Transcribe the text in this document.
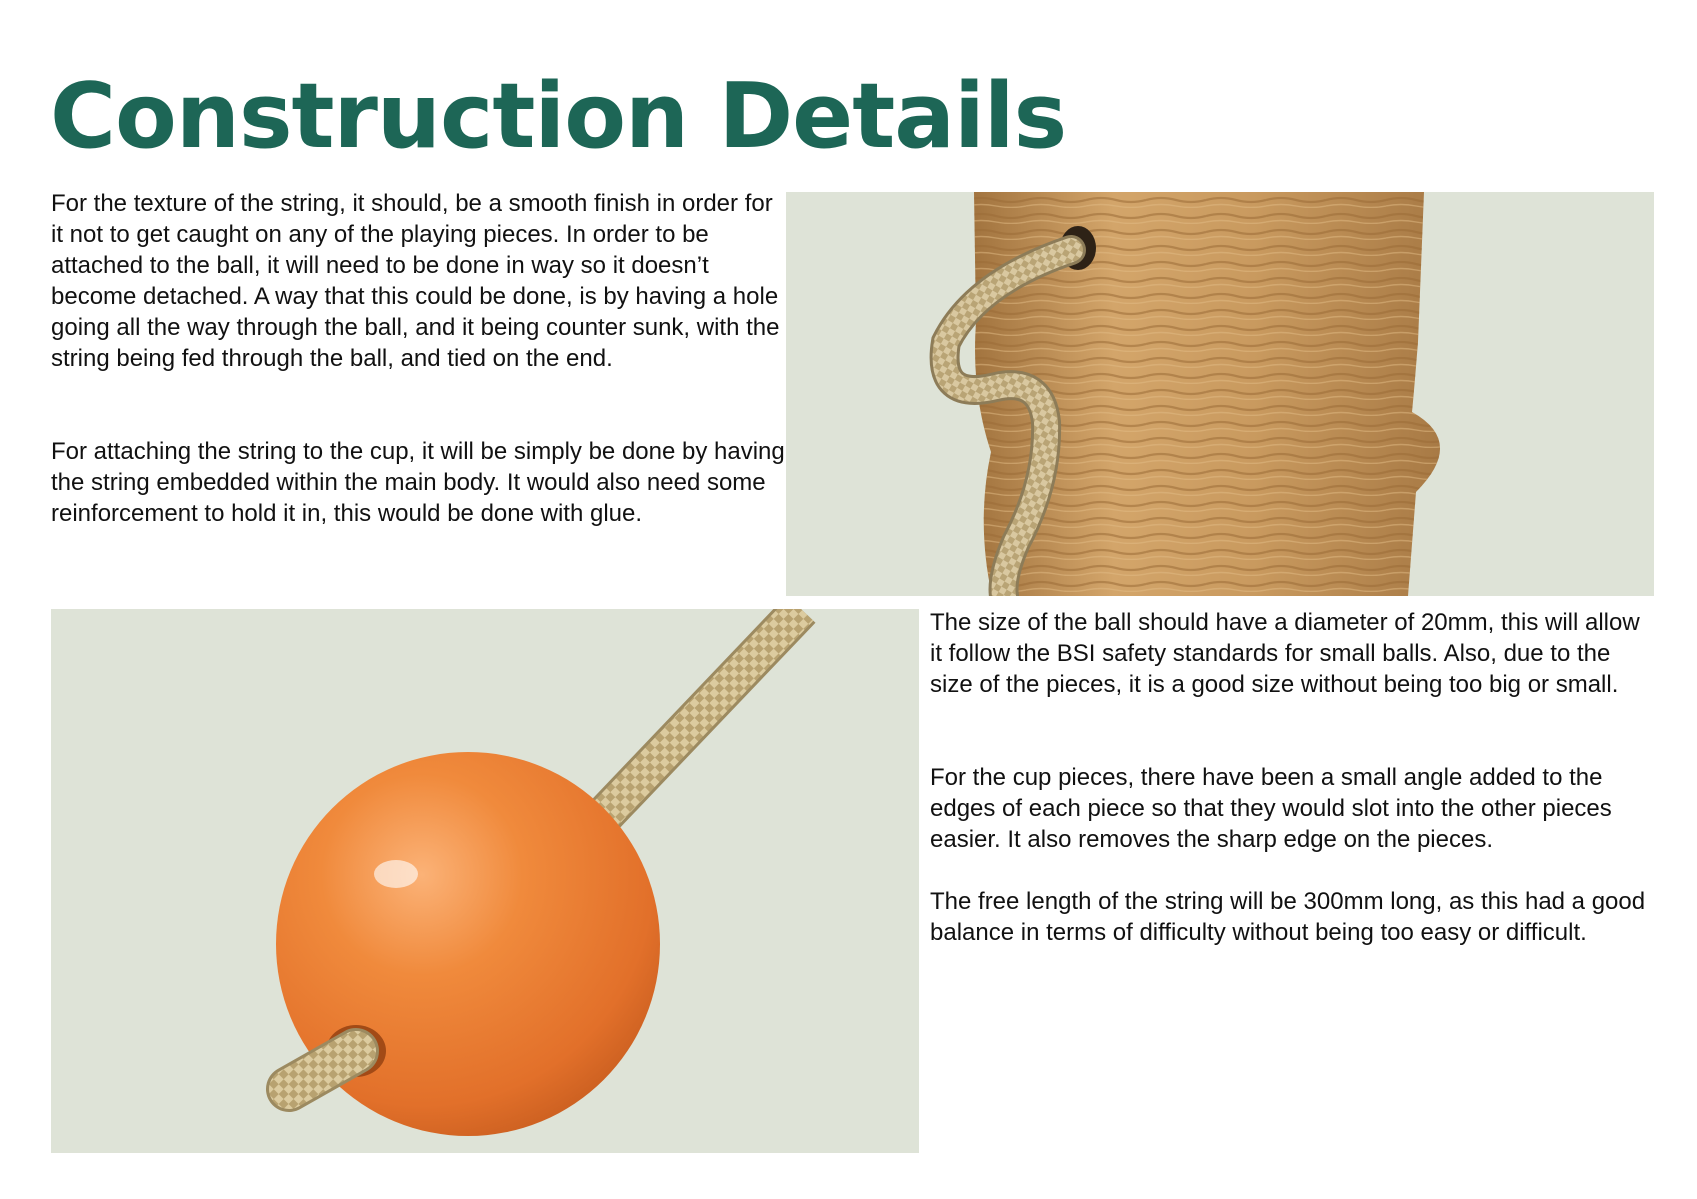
Construction Details

For the texture of the string, it should, be a smooth finish in order for it not to get caught on any of the playing pieces. In order to be attached to the ball, it will need to be done in way so it doesn’t become detached. A way that this could be done, is by having a hole going all the way through the ball, and it being counter sunk, with the string being fed through the ball, and tied on the end.

For attaching the string to the cup, it will be simply be done by having the string embedded within the main body. It would also need some reinforcement to hold it in, this would be done with glue.

The size of the ball should have a diameter of 20mm, this will allow it follow the BSI safety standards for small balls. Also, due to the size of the pieces, it is a good size without being too big or small.

For the cup pieces, there have been a small angle added to the edges of each piece so that they would slot into the other pieces easier. It also removes the sharp edge on the pieces.

The free length of the string will be 300mm long, as this had a good balance in terms of difficulty without being too easy or difficult.
